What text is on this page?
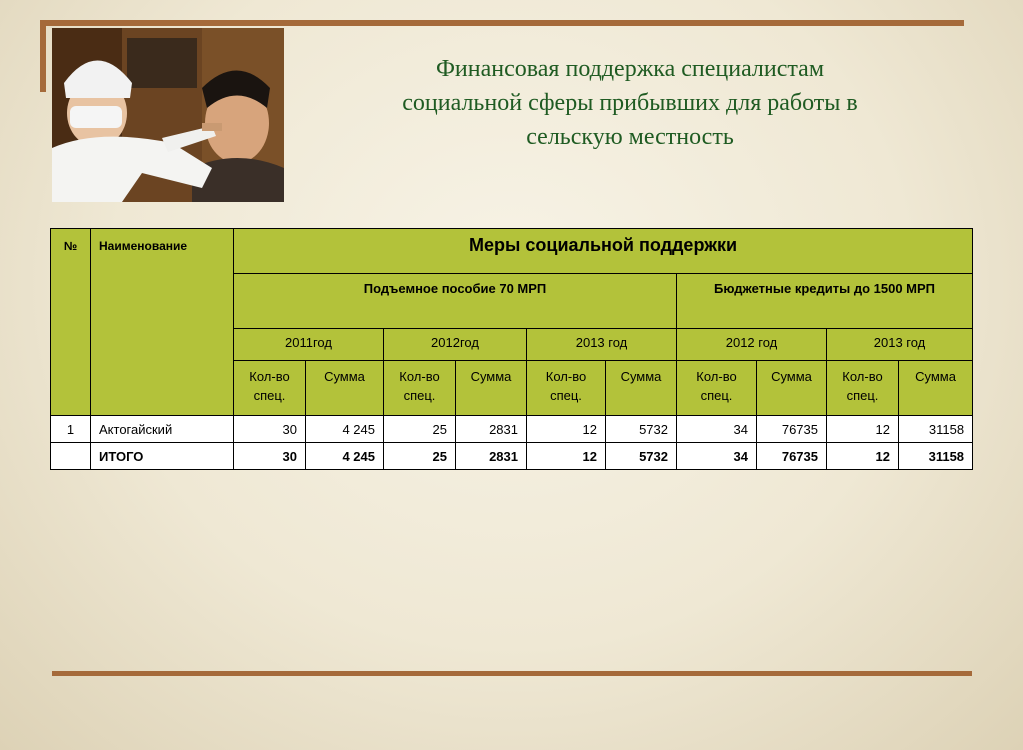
Финансовая поддержка специалистам
социальной сферы прибывших для работы в
сельскую местность
№	Наименование	Меры социальной поддержки									
		Подъемное пособие 70 МРП						Бюджетные кредиты до 1500 МРП			
		2011год		2012год		2013 год		2012 год		2013 год	
		Кол-во спец.	Сумма	Кол-во спец.	Сумма	Кол-во спец.	Сумма	Кол-во спец.	Сумма	Кол-во спец.	Сумма
1	Актогайский	30	4 245	25	2831	12	5732	34	76735	12	31158
	ИТОГО	30	4 245	25	2831	12	5732	34	76735	12	31158
